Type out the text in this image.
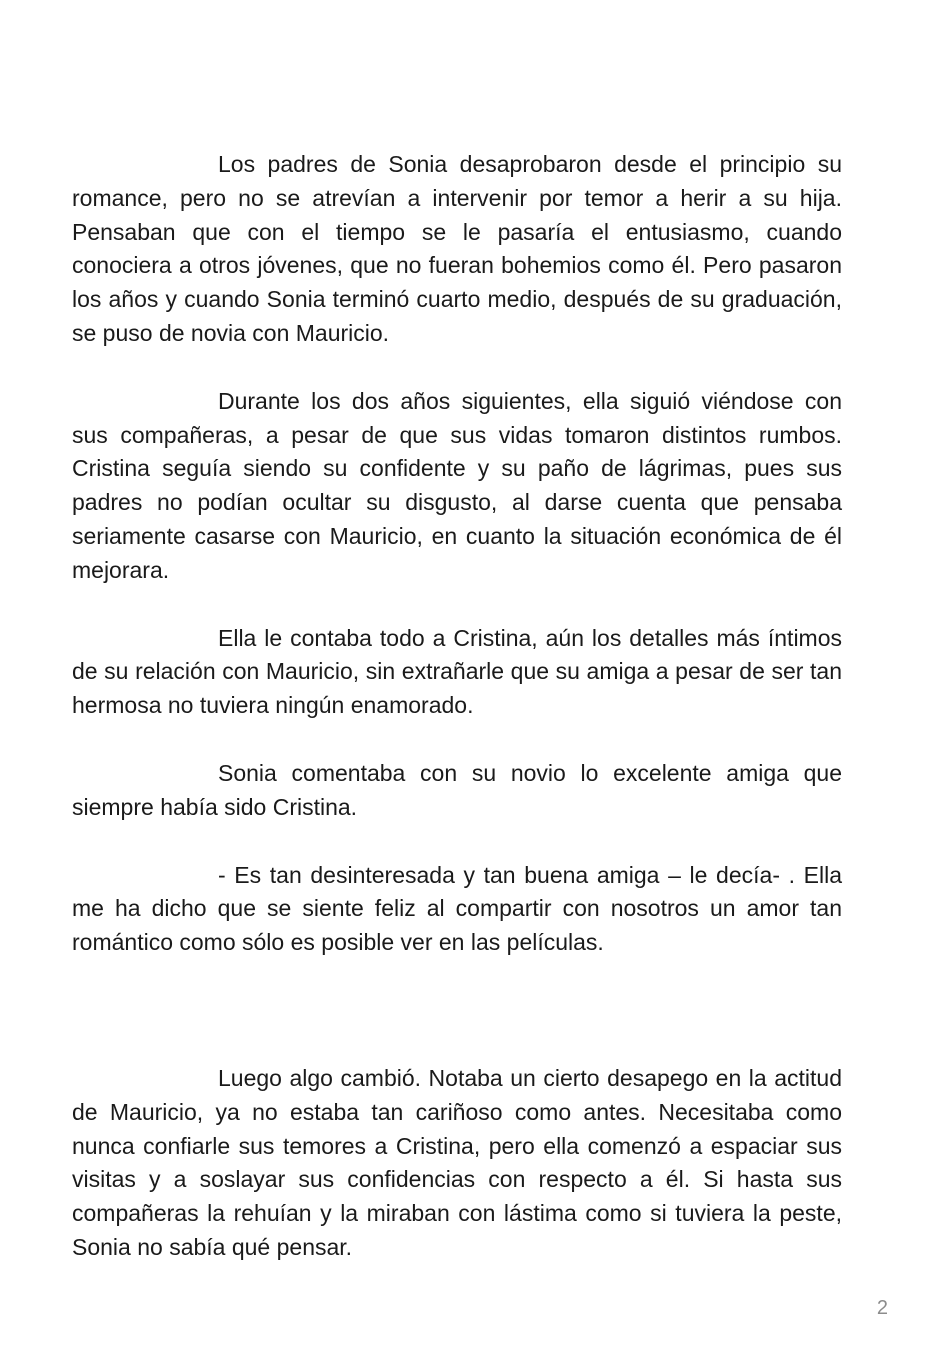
Los padres de Sonia desaprobaron desde el principio su romance, pero no se atrevían a intervenir por temor a herir a su hija. Pensaban que con el tiempo se le pasaría el entusiasmo, cuando conociera a otros jóvenes, que no fueran bohemios como él. Pero pasaron los años y cuando Sonia terminó cuarto medio, después de su graduación, se puso de novia con Mauricio.

Durante los dos años siguientes, ella siguió viéndose con sus compañeras, a pesar de que sus vidas tomaron distintos rumbos. Cristina seguía siendo su confidente y su paño de lágrimas, pues sus padres no podían ocultar su disgusto, al darse cuenta que pensaba seriamente casarse con Mauricio, en cuanto la situación económica de él mejorara.

Ella le contaba todo a Cristina, aún los detalles más íntimos de su relación con Mauricio, sin extrañarle que su amiga a pesar de ser tan hermosa no tuviera ningún enamorado.

Sonia comentaba con su novio lo excelente amiga que siempre había sido Cristina.

- Es tan desinteresada y tan buena amiga – le decía- . Ella me ha dicho que se siente feliz al compartir con nosotros un amor tan romántico como sólo es posible ver en las películas.

Luego algo cambió. Notaba un cierto desapego en la actitud de Mauricio, ya no estaba tan cariñoso como antes. Necesitaba como nunca confiarle sus temores a Cristina, pero ella comenzó a espaciar sus visitas y a soslayar sus confidencias con respecto a él. Si hasta sus compañeras la rehuían y la miraban con lástima como si tuviera la peste, Sonia no sabía qué pensar.

2
